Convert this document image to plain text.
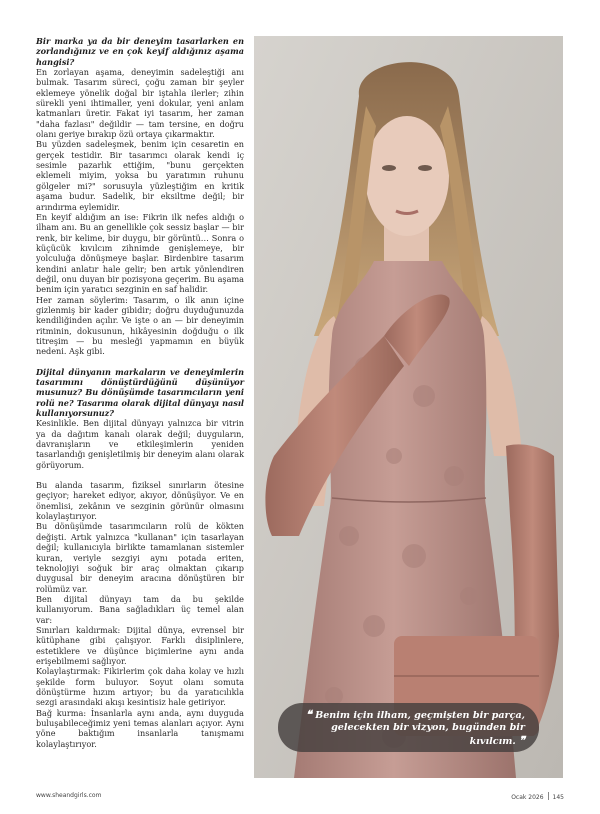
Bir marka ya da bir deneyim tasarlarken en zorlandığınız ve en çok keyif aldığınız aşama hangisi?

En zorlayan aşama, deneyimin sadeleştiği anı bulmak. Tasarım süreci, çoğu zaman bir şeyler eklemeye yönelik doğal bir iştahla ilerler; zihin sürekli yeni ihtimaller, yeni dokular, yeni anlam katmanları üretir. Fakat iyi tasarım, her zaman "daha fazlası" değildir — tam tersine, en doğru olanı geriye bırakıp özü ortaya çıkarmaktır.

Bu yüzden sadeleşmek, benim için cesaretin en gerçek testidir. Bir tasarımcı olarak kendi iç sesimle pazarlık ettiğim, "bunu gerçekten eklemeli miyim, yoksa bu yaratımın ruhunu gölgeler mi?" sorusuyla yüzleştiğim en kritik aşama budur. Sadelik, bir eksiltme değil; bir arındırma eylemidir.

En keyif aldığım an ise: Fikrin ilk nefes aldığı o ilham anı. Bu an genellikle çok sessiz başlar — bir renk, bir kelime, bir duygu, bir görüntü… Sonra o küçücük kıvılcım zihnimde genişlemeye, bir yolculuğa dönüşmeye başlar. Birdenbire tasarım kendini anlatır hale gelir; ben artık yönlendiren değil, onu duyan bir pozisyona geçerim. Bu aşama benim için yaratıcı sezginin en saf halidir.

Her zaman söylerim: Tasarım, o ilk anın içine gizlenmiş bir kader gibidir; doğru duyduğunuzda kendiliğinden açılır. Ve işte o an — bir deneyimin ritminin, dokusunun, hikâyesinin doğduğu o ilk titreşim — bu mesleği yapmamın en büyük nedeni. Aşk gibi.

Dijital dünyanın markaların ve deneyimlerin tasarımını dönüştürdüğünü düşünüyor musunuz? Bu dönüşümde tasarımcıların yeni rolü ne? Tasarıma olarak dijital dünyayı nasıl kullanıyorsunuz?

Kesinlikle. Ben dijital dünyayı yalnızca bir vitrin ya da dağıtım kanalı olarak değil; duyguların, davranışların ve etkileşimlerin yeniden tasarlandığı genişletilmiş bir deneyim alanı olarak görüyorum.

Bu alanda tasarım, fiziksel sınırların ötesine geçiyor; hareket ediyor, akıyor, dönüşüyor. Ve en önemlisi, zekânın ve sezginin görünür olmasını kolaylaştırıyor.

Bu dönüşümde tasarımcıların rolü de kökten değişti. Artık yalnızca "kullanan" için tasarlayan değil; kullanıcıyla birlikte tamamlanan sistemler kuran, veriyle sezgiyi aynı potada eriten, teknolojiyi soğuk bir araç olmaktan çıkarıp duygusal bir deneyim aracına dönüştüren bir rolümüz var.

Ben dijital dünyayı tam da bu şekilde kullanıyorum. Bana sağladıkları üç temel alan var:

Sınırları kaldırmak: Dijital dünya, evrensel bir kütüphane gibi çalışıyor. Farklı disiplinlere, estetiklere ve düşünce biçimlerine aynı anda erişebilmemi sağlıyor.

Kolaylaştırmak: Fikirlerim çok daha kolay ve hızlı şekilde form buluyor. Soyut olanı somuta dönüştürme hızım artıyor; bu da yaratıcılıkla sezgi arasındaki akışı kesintisiz hale getiriyor.

Bağ kurma: İnsanlarla aynı anda, aynı duyguda buluşabileceğimiz yeni temas alanları açıyor. Aynı yöne baktığım insanlarla tanışmamı kolaylaştırıyor.

❝ Benim için ilham, geçmişten bir parça, gelecekten bir vizyon, bugünden bir kıvılcım. ❞
www.sheandgirls.com	Ocak 2026 145
